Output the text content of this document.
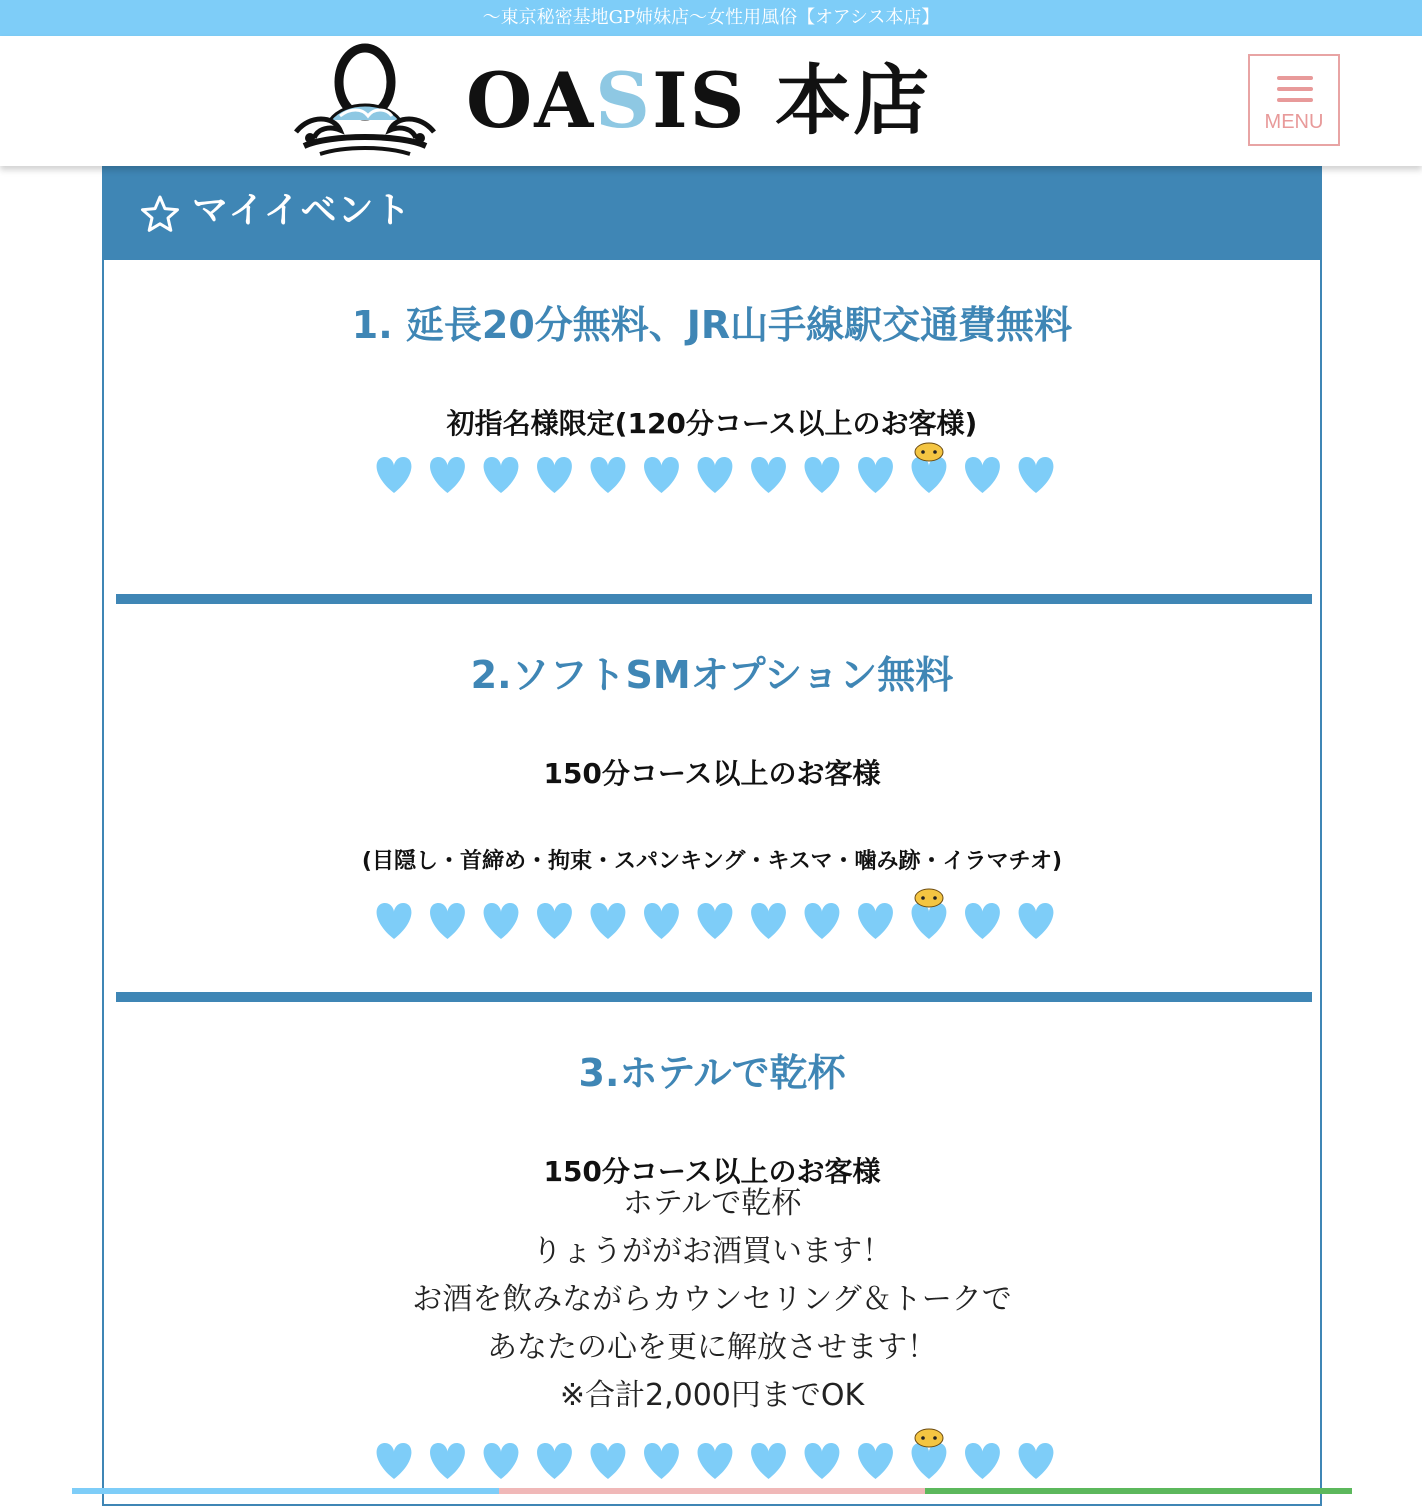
〜東京秘密基地GP姉妹店〜女性用風俗【オアシス本店】
OASIS 本店	MENU
マイイベント
1. 延長20分無料、JR山手線駅交通費無料
初指名様限定(120分コース以上のお客様)
2.ソフトSMオプション無料
150分コース以上のお客様
(目隠し・首締め・拘束・スパンキング・キスマ・噛み跡・イラマチオ)
3.ホテルで乾杯
150分コース以上のお客様
ホテルで乾杯
りょうががお酒買います！
お酒を飲みながらカウンセリング＆トークで
あなたの心を更に解放させます！
※合計2,000円までOK
